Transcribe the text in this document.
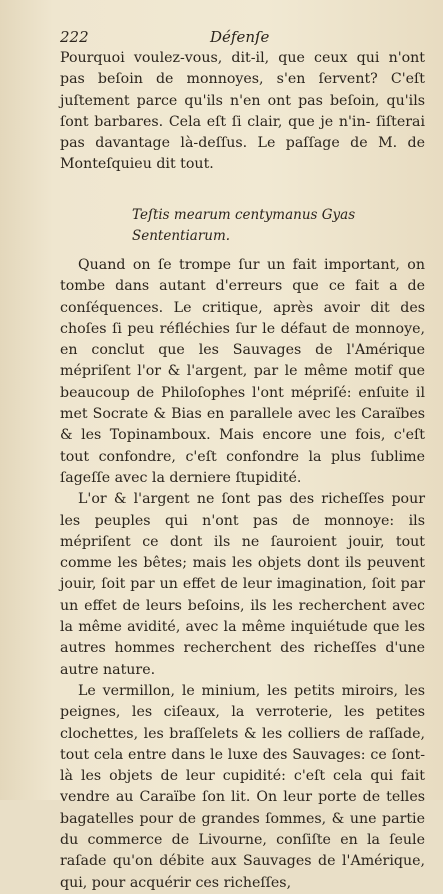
222	Défenſe

Pourquoi voulez-vous, dit-il, que ceux qui n'ont pas beſoin de monnoyes, s'en ſervent? C'eſt juſtement parce qu'ils n'en ont pas beſoin, qu'ils ſont barbares. Cela eſt ſi clair, que je n'in- ſiſterai pas davantage là-deſſus. Le paſſage de M. de Monteſquieu dit tout.

Teſtis mearum centymanus Gyas
Sententiarum.

Quand on ſe trompe ſur un fait important, on tombe dans autant d'erreurs que ce fait a de conſéquences. Le critique, après avoir dit des choſes ſi peu réfléchies ſur le défaut de monnoye, en conclut que les Sauvages de l'Amérique mépriſent l'or & l'argent, par le même motif que beaucoup de Philoſophes l'ont mépriſé: enſuite il met Socrate & Bias en parallele avec les Caraïbes & les Topinamboux. Mais encore une fois, c'eſt tout confondre, c'eſt confondre la plus ſublime ſageſſe avec la derniere ſtupidité.

L'or & l'argent ne ſont pas des richeſſes pour les peuples qui n'ont pas de monnoye: ils mépriſent ce dont ils ne ſauroient jouir, tout comme les bêtes; mais les objets dont ils peuvent jouir, ſoit par un effet de leur imagination, ſoit par un effet de leurs beſoins, ils les recherchent avec la même avidité, avec la même inquiétude que les autres hommes recherchent des richeſſes d'une autre nature.

Le vermillon, le minium, les petits miroirs, les peignes, les ciſeaux, la verroterie, les petites clochettes, les braſſelets & les colliers de raſſade, tout cela entre dans le luxe des Sauvages: ce ſont-là les objets de leur cupidité: c'eſt cela qui fait vendre au Caraïbe ſon lit. On leur porte de telles bagatelles pour de grandes ſommes, & une partie du commerce de Livourne, conſiſte en la ſeule raſade qu'on débite aux Sauvages de l'Amérique, qui, pour acquérir ces richeſſes,
